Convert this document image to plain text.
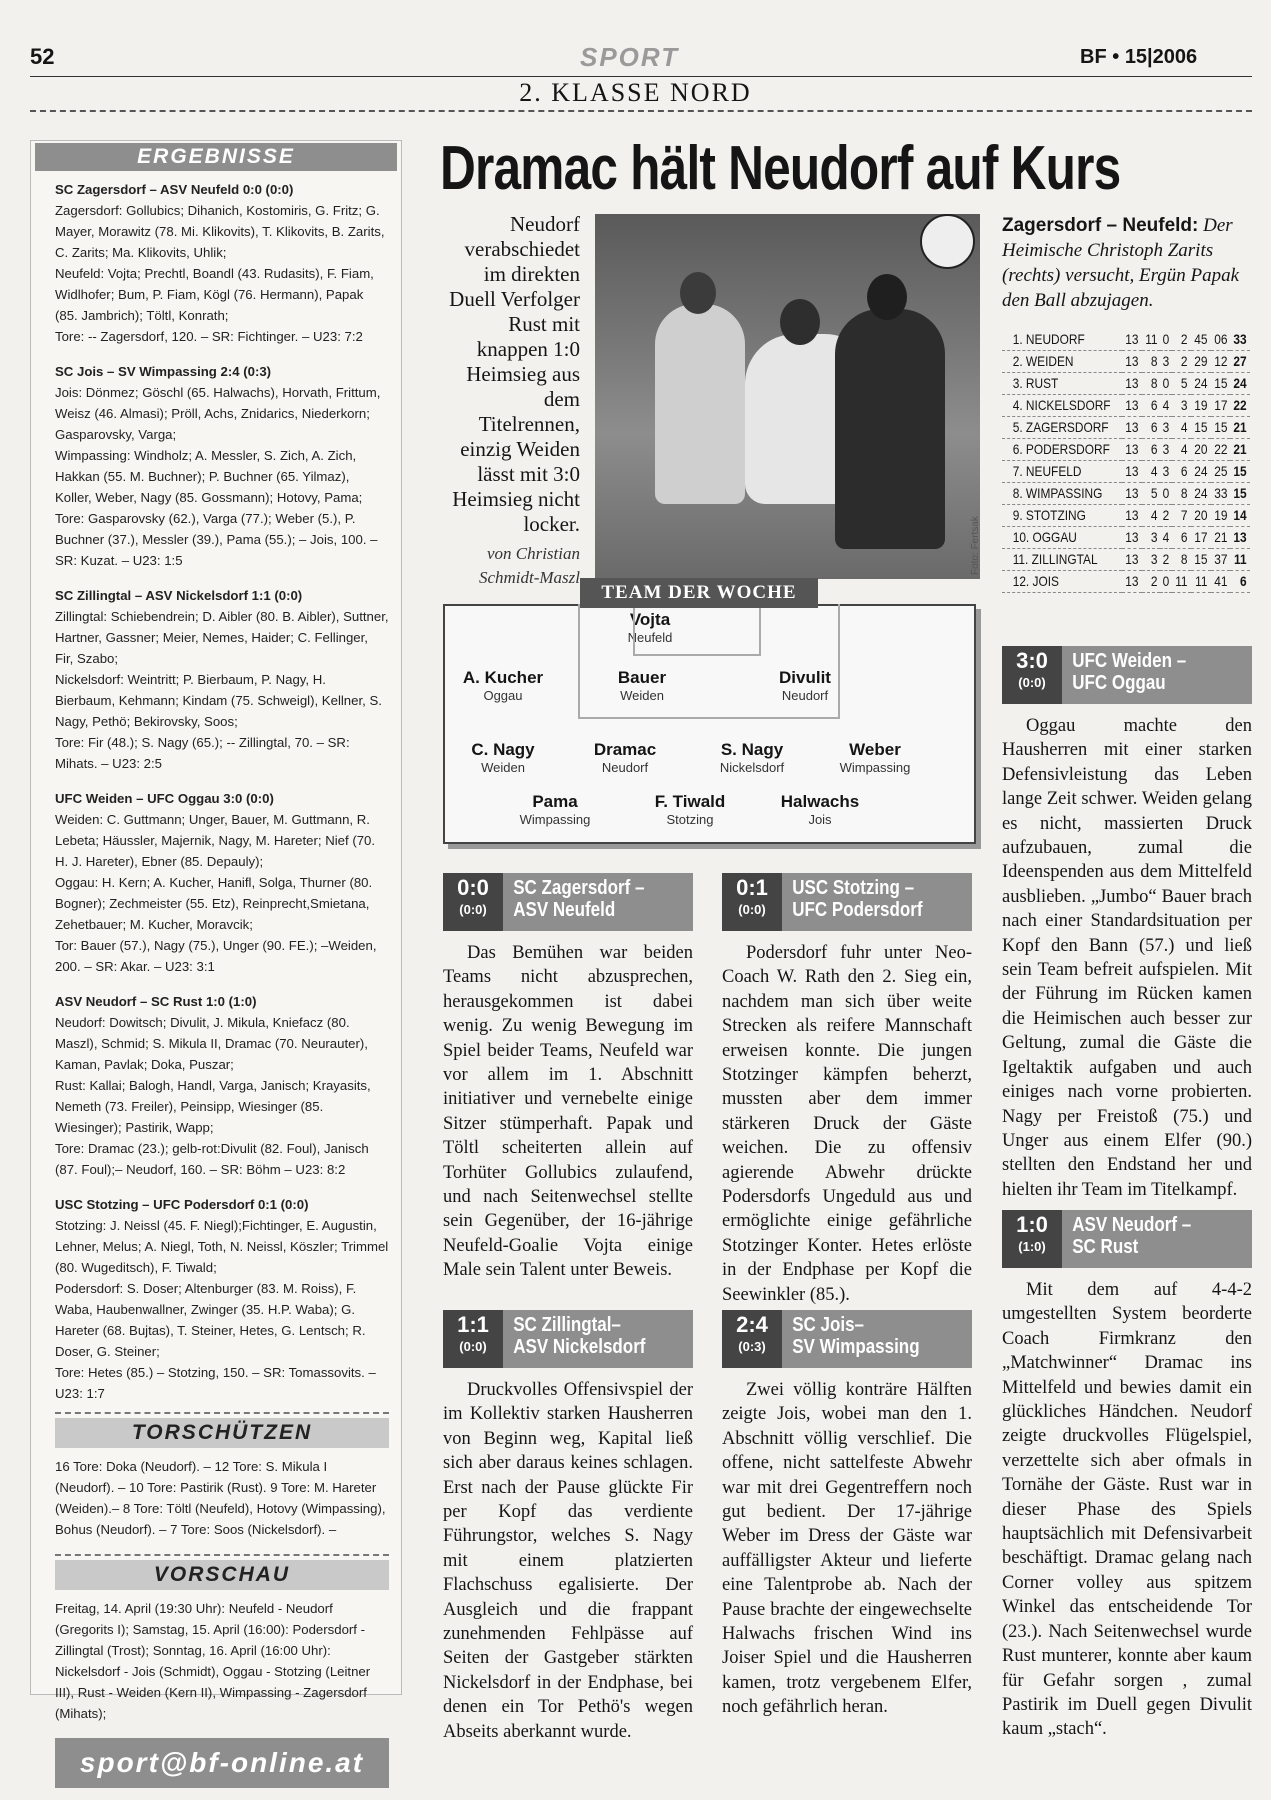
52	SPORT	BF • 15|2006
2. KLASSE NORD
ERGEBNISSE

SC Zagersdorf – ASV Neufeld 0:0 (0:0)

Zagersdorf: Gollubics; Dihanich, Kostomiris, G. Fritz; G. Mayer, Morawitz (78. Mi. Klikovits), T. Klikovits, B. Zarits, C. Zarits; Ma. Klikovits, Uhlik;

Neufeld: Vojta; Prechtl, Boandl (43. Rudasits), F. Fiam, Widlhofer; Bum, P. Fiam, Kögl (76. Hermann), Papak (85. Jambrich); Töltl, Konrath;

Tore: -- Zagersdorf, 120. – SR: Fichtinger. – U23: 7:2

SC Jois – SV Wimpassing 2:4 (0:3)

Jois: Dönmez; Göschl (65. Halwachs), Horvath, Frittum, Weisz (46. Almasi); Pröll, Achs, Znidarics, Niederkorn; Gasparovsky, Varga;

Wimpassing: Windholz; A. Messler, S. Zich, A. Zich, Hakkan (55. M. Buchner); P. Buchner (65. Yilmaz), Koller, Weber, Nagy (85. Gossmann); Hotovy, Pama;

Tore: Gasparovsky (62.), Varga (77.); Weber (5.), P. Buchner (37.), Messler (39.), Pama (55.); – Jois, 100. – SR: Kuzat. – U23: 1:5

SC Zillingtal – ASV Nickelsdorf 1:1 (0:0)

Zillingtal: Schiebendrein; D. Aibler (80. B. Aibler), Suttner, Hartner, Gassner; Meier, Nemes, Haider; C. Fellinger, Fir, Szabo;

Nickelsdorf: Weintritt; P. Bierbaum, P. Nagy, H. Bierbaum, Kehmann; Kindam (75. Schweigl), Kellner, S. Nagy, Pethö; Bekirovsky, Soos;

Tore: Fir (48.); S. Nagy (65.); -- Zillingtal, 70. – SR: Mihats. – U23: 2:5

UFC Weiden – UFC Oggau 3:0 (0:0)

Weiden: C. Guttmann; Unger, Bauer, M. Guttmann, R. Lebeta; Häussler, Majernik, Nagy, M. Hareter; Nief (70. H. J. Hareter), Ebner (85. Depauly);

Oggau: H. Kern; A. Kucher, Hanifl, Solga, Thurner (80. Bogner); Zechmeister (55. Etz), Reinprecht,Smietana, Zehetbauer; M. Kucher, Moravcik;

Tor: Bauer (57.), Nagy (75.), Unger (90. FE.); –Weiden, 200. – SR: Akar. – U23: 3:1

ASV Neudorf – SC Rust 1:0 (1:0)

Neudorf: Dowitsch; Divulit, J. Mikula, Kniefacz (80. Maszl), Schmid; S. Mikula II, Dramac (70. Neurauter), Kaman, Pavlak; Doka, Puszar;

Rust: Kallai; Balogh, Handl, Varga, Janisch; Krayasits, Nemeth (73. Freiler), Peinsipp, Wiesinger (85. Wiesinger); Pastirik, Wapp;

Tore: Dramac (23.); gelb-rot:Divulit (82. Foul), Janisch (87. Foul);– Neudorf, 160. – SR: Böhm – U23: 8:2

USC Stotzing – UFC Podersdorf 0:1 (0:0)

Stotzing: J. Neissl (45. F. Niegl);Fichtinger, E. Augustin, Lehner, Melus; A. Niegl, Toth, N. Neissl, Köszler; Trimmel (80. Wugeditsch), F. Tiwald;

Podersdorf: S. Doser; Altenburger (83. M. Roiss), F. Waba, Haubenwallner, Zwinger (35. H.P. Waba); G. Hareter (68. Bujtas), T. Steiner, Hetes, G. Lentsch; R. Doser, G. Steiner;

Tore: Hetes (85.) – Stotzing, 150. – SR: Tomassovits. – U23: 1:7

TORSCHÜTZEN

16 Tore: Doka (Neudorf). – 12 Tore: S. Mikula I (Neudorf). – 10 Tore: Pastirik (Rust). 9 Tore: M. Hareter (Weiden).– 8 Tore: Töltl (Neufeld), Hotovy (Wimpassing), Bohus (Neudorf). – 7 Tore: Soos (Nickelsdorf). –

VORSCHAU

Freitag, 14. April (19:30 Uhr): Neufeld - Neudorf (Gregorits I); Samstag, 15. April (16:00): Podersdorf - Zillingtal (Trost); Sonntag, 16. April (16:00 Uhr): Nickelsdorf - Jois (Schmidt), Oggau - Stotzing (Leitner III), Rust - Weiden (Kern II), Wimpassing - Zagersdorf (Mihats);

sport@bf-online.at
Dramac hält Neudorf auf Kurs
Neudorf verabschiedet im direkten Duell Verfolger Rust mit knappen 1:0 Heimsieg aus dem Titelrennen, einzig Weiden lässt mit 3:0 Heimsieg nicht locker.
von Christian Schmidt-Maszl
Foto: Fertsak
Zagersdorf – Neufeld: Der Heimische Christoph Zarits (rechts) versucht, Ergün Papak den Ball abzujagen.
1. NEUDORF	13	11	0	2	45	06	33
2. WEIDEN	13	8	3	2	29	12	27
3. RUST	13	8	0	5	24	15	24
4. NICKELSDORF	13	6	4	3	19	17	22
5. ZAGERSDORF	13	6	3	4	15	15	21
6. PODERSDORF	13	6	3	4	20	22	21
7. NEUFELD	13	4	3	6	24	25	15
8. WIMPASSING	13	5	0	8	24	33	15
9. STOTZING	13	4	2	7	20	19	14
10. OGGAU	13	3	4	6	17	21	13
11. ZILLINGTAL	13	3	2	8	15	37	11
12. JOIS	13	2	0	11	11	41	6
Vojta
Neufeld
A. Kucher
Oggau
Bauer
Weiden
Divulit
Neudorf
C. Nagy
Weiden
Dramac
Neudorf
S. Nagy
Nickelsdorf
Weber
Wimpassing
Pama
Wimpassing
F. Tiwald
Stotzing
Halwachs
Jois
TEAM DER WOCHE
0:0
(0:0)
SC Zagersdorf –
ASV Neufeld

Das Bemühen war beiden Teams nicht abzusprechen, herausgekommen ist dabei wenig. Zu wenig Bewegung im Spiel beider Teams, Neufeld war vor allem im 1. Abschnitt initiativer und vernebelte einige Sitzer stümperhaft. Papak und Töltl scheiterten allein auf Torhüter Gollubics zulaufend, und nach Seitenwechsel stellte sein Gegenüber, der 16-jährige Neufeld-Goalie Vojta einige Male sein Talent unter Beweis.

0:1
(0:0)
USC Stotzing –
UFC Podersdorf

Podersdorf fuhr unter Neo-Coach W. Rath den 2. Sieg ein, nachdem man sich über weite Strecken als reifere Mannschaft erweisen konnte. Die jungen Stotzinger kämpfen beherzt, mussten aber dem immer stärkeren Druck der Gäste weichen. Die zu offensiv agierende Abwehr drückte Podersdorfs Ungeduld aus und ermöglichte einige gefährliche Stotzinger Konter. Hetes erlöste in der Endphase per Kopf die Seewinkler (85.).

1:1
(0:0)
SC Zillingtal–
ASV Nickelsdorf

Druckvolles Offensivspiel der im Kollektiv starken Hausherren von Beginn weg, Kapital ließ sich aber daraus keines schlagen. Erst nach der Pause glückte Fir per Kopf das verdiente Führungstor, welches S. Nagy mit einem platzierten Flachschuss egalisierte. Der Ausgleich und die frappant zunehmenden Fehlpässe auf Seiten der Gastgeber stärkten Nickelsdorf in der Endphase, bei denen ein Tor Pethö's wegen Abseits aberkannt wurde.

2:4
(0:3)
SC Jois–
SV Wimpassing

Zwei völlig konträre Hälften zeigte Jois, wobei man den 1. Abschnitt völlig verschlief. Die offene, nicht sattelfeste Abwehr war mit drei Gegentreffern noch gut bedient. Der 17-jährige Weber im Dress der Gäste war auffälligster Akteur und lieferte eine Talentprobe ab. Nach der Pause brachte der eingewechselte Halwachs frischen Wind ins Joiser Spiel und die Hausherren kamen, trotz vergebenem Elfer, noch gefährlich heran.

3:0
(0:0)
UFC Weiden –
UFC Oggau

Oggau machte den Hausherren mit einer starken Defensivleistung das Leben lange Zeit schwer. Weiden gelang es nicht, massierten Druck aufzubauen, zumal die Ideenspenden aus dem Mittelfeld ausblieben. „Jumbo“ Bauer brach nach einer Standardsituation per Kopf den Bann (57.) und ließ sein Team befreit aufspielen. Mit der Führung im Rücken kamen die Heimischen auch besser zur Geltung, zumal die Gäste die Igeltaktik aufgaben und auch einiges nach vorne probierten. Nagy per Freistoß (75.) und Unger aus einem Elfer (90.) stellten den Endstand her und hielten ihr Team im Titelkampf.

1:0
(1:0)
ASV Neudorf –
SC Rust

Mit dem auf 4-4-2 umgestellten System beorderte Coach Firmkranz den „Matchwinner“ Dramac ins Mittelfeld und bewies damit ein glückliches Händchen. Neudorf zeigte druckvolles Flügelspiel, verzettelte sich aber ofmals in Tornähe der Gäste. Rust war in dieser Phase des Spiels hauptsächlich mit Defensivarbeit beschäftigt. Dramac gelang nach Corner volley aus spitzem Winkel das entscheidende Tor (23.). Nach Seitenwechsel wurde Rust munterer, konnte aber kaum für Gefahr sorgen , zumal Pastirik im Duell gegen Divulit kaum „stach“.
